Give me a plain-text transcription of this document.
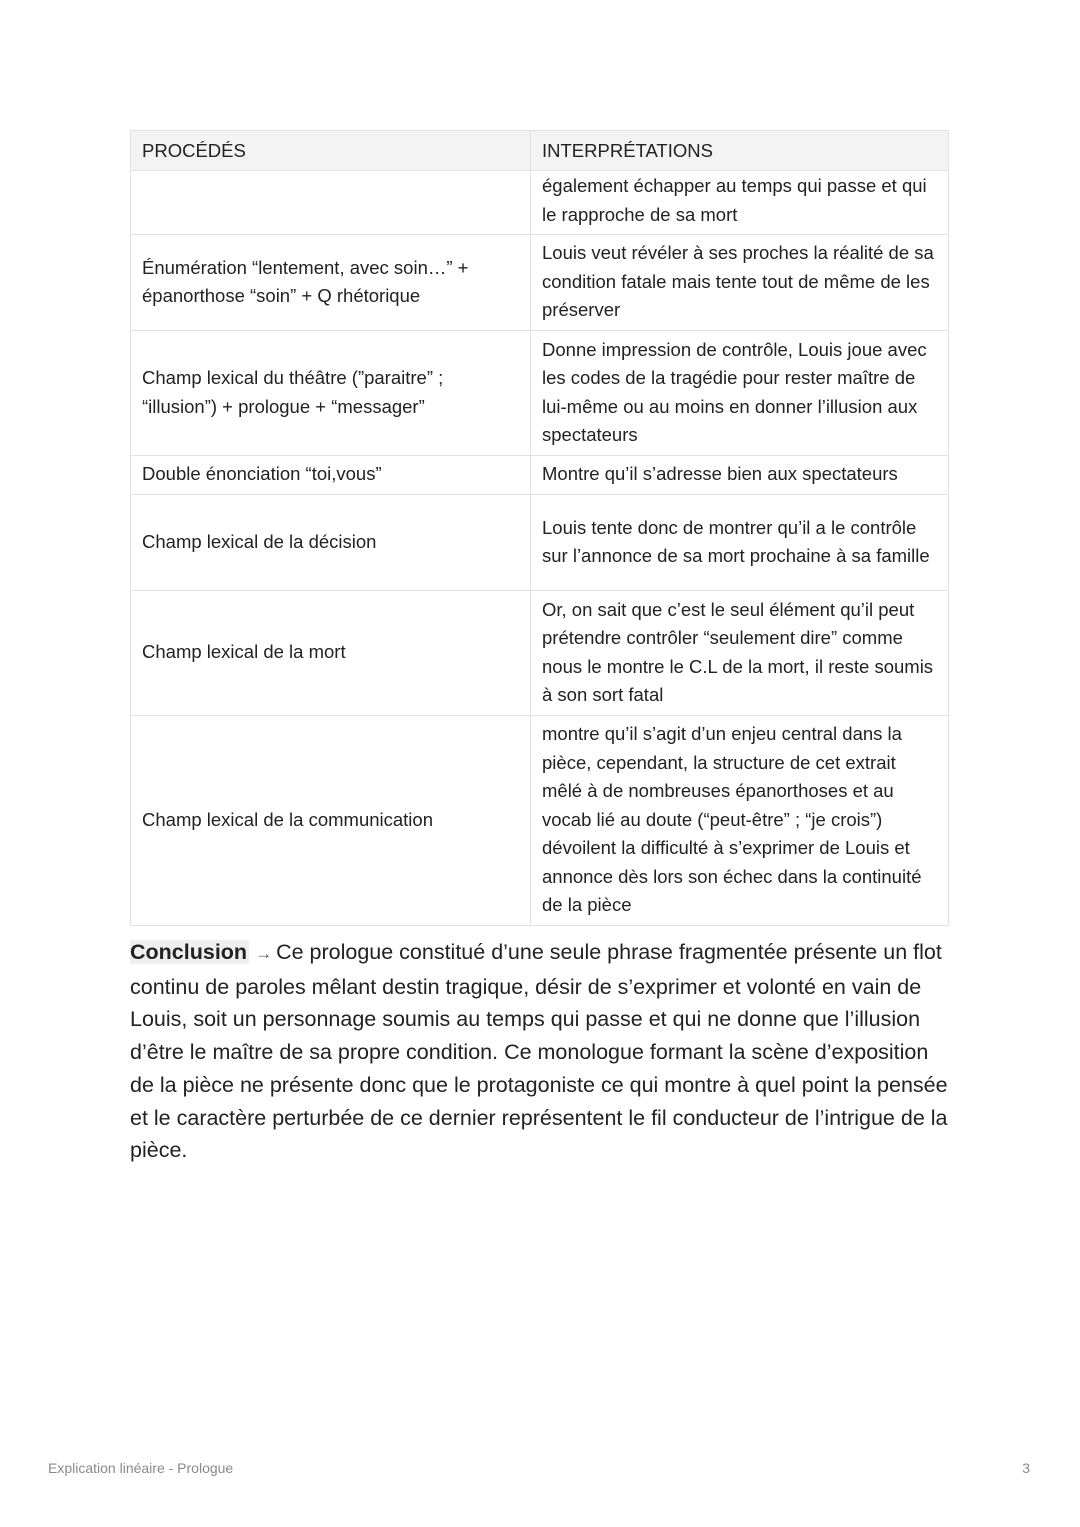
PROCÉDÉS	INTERPRÉTATIONS
	également échapper au temps qui passe et qui le rapproche de sa mort
Énumération “lentement, avec soin…” + épanorthose “soin” + Q rhétorique	Louis veut révéler à ses proches la réalité de sa condition fatale mais tente tout de même de les préserver
Champ lexical du théâtre (”paraitre” ; “illusion”) + prologue + “messager”	Donne impression de contrôle, Louis joue avec les codes de la tragédie pour rester maître de lui-même ou au moins en donner l’illusion aux spectateurs
Double énonciation “toi,vous”	Montre qu’il s’adresse bien aux spectateurs
Champ lexical de la décision	Louis tente donc de montrer qu’il a le contrôle sur l’annonce de sa mort prochaine à sa famille
Champ lexical de la mort	Or, on sait que c’est le seul élément qu’il peut prétendre contrôler “seulement dire” comme nous le montre le C.L de la mort, il reste soumis à son sort fatal
Champ lexical de la communication	montre qu’il s’agit d’un enjeu central dans la pièce, cependant, la structure de cet extrait mêlé à de nombreuses épanorthoses et au vocab lié au doute (“peut-être” ; “je crois”) dévoilent la difficulté à s’exprimer de Louis et annonce dès lors son échec dans la continuité de la pièce

Conclusion → Ce prologue constitué d’une seule phrase fragmentée présente un flot continu de paroles mêlant destin tragique, désir de s’exprimer et volonté en vain de Louis, soit un personnage soumis au temps qui passe et qui ne donne que l’illusion d’être le maître de sa propre condition. Ce monologue formant la scène d’exposition de la pièce ne présente donc que le protagoniste ce qui montre à quel point la pensée et le caractère perturbée de ce dernier représentent le fil conducteur de l’intrigue de la pièce.

Explication linéaire - Prologue	3
